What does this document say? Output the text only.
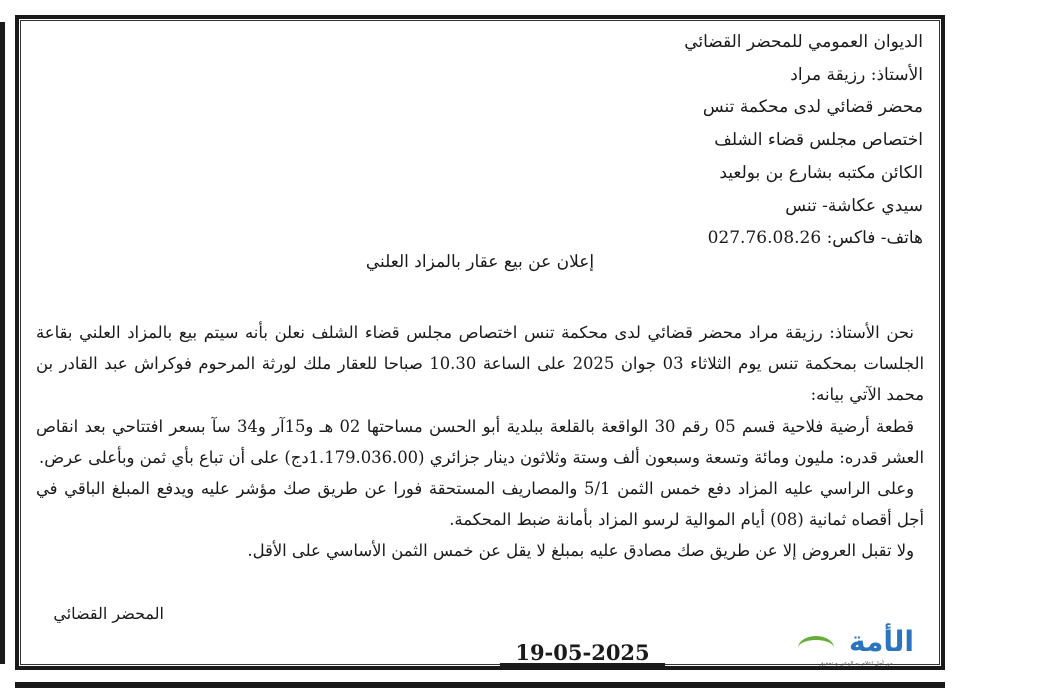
الديوان العمومي للمحضر القضائي
الأستاذ: رزيقة مراد
محضر قضائي لدى محكمة تنس
اختصاص مجلس قضاء الشلف
الكائن مكتبه بشارع بن بولعيد
سيدي عكاشة- تنس
هاتف- فاكس: 027.76.08.26
إعلان عن بيع عقار بالمزاد العلني

نحن الأستاذ: رزيقة مراد محضر قضائي لدى محكمة تنس اختصاص مجلس قضاء الشلف نعلن بأنه سيتم بيع بالمزاد العلني بقاعة الجلسات بمحكمة تنس يوم الثلاثاء 03 جوان 2025 على الساعة 10.30 صباحا للعقار ملك لورثة المرحوم فوكراش عبد القادر بن محمد الآتي بيانه:

قطعة أرضية فلاحية قسم 05 رقم 30 الواقعة بالقلعة ببلدية أبو الحسن مساحتها 02 هـ و15آر و34 سآ بسعر افتتاحي بعد انقاص العشر قدره: مليون ومائة وتسعة وسبعون ألف وستة وثلاثون دينار جزائري (1.179.036.00دج) على أن تباع بأي ثمن وبأعلى عرض.

وعلى الراسي عليه المزاد دفع خمس الثمن 5/1 والمصاريف المستحقة فورا عن طريق صك مؤشر عليه ويدفع المبلغ الباقي في أجل أقصاه ثمانية (08) أيام الموالية لرسو المزاد بأمانة ضبط المحكمة.

ولا تقبل العروض إلا عن طريق صك مصادق عليه بمبلغ لا يقل عن خمس الثمن الأساسي على الأقل.

المحضر القضائي
19-05-2025	الأمة
من أجل اعلام به الوعي و تحقيق
